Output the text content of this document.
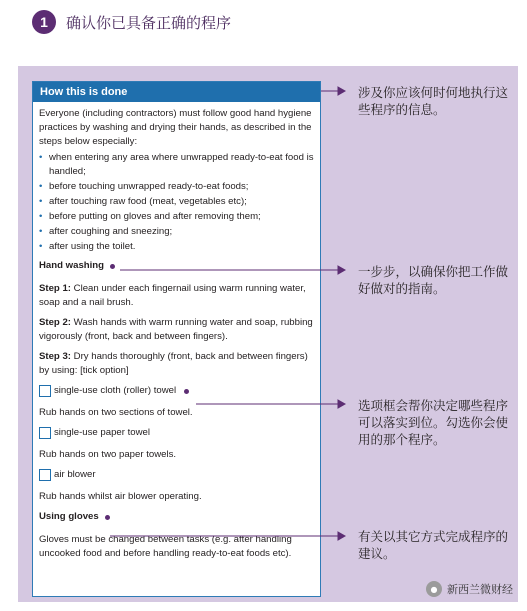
1	确认你已具备正确的程序
How this is done

Everyone (including contractors) must follow good hand hygiene practices by washing and drying their hands, as described in the steps below especially:

• when entering any area where unwrapped ready-to-eat food is handled;
• before touching unwrapped ready-to-eat foods;
• after touching raw food (meat, vegetables etc);
• before putting on gloves and after removing them;
• after coughing and sneezing;
• after using the toilet.
Hand washing

Step 1: Clean under each fingernail using warm running water, soap and a nail brush.

Step 2: Wash hands with warm running water and soap, rubbing vigorously (front, back and between fingers).

Step 3: Dry hands thoroughly (front, back and between fingers) by using: [tick option]

single-use cloth (roller) towel

Rub hands on two sections of towel.

single-use paper towel

Rub hands on two paper towels.

air blower

Rub hands whilst air blower operating.

Using gloves

Gloves must be changed between tasks (e.g. after handling uncooked food and before handling ready-to-eat foods etc).

涉及你应该何时何地执行这些程序的信息。
一步步，以确保你把工作做好做对的指南。
选项框会帮你决定哪些程序可以落实到位。勾选你会使用的那个程序。
有关以其它方式完成程序的建议。
● 新西兰微财经
